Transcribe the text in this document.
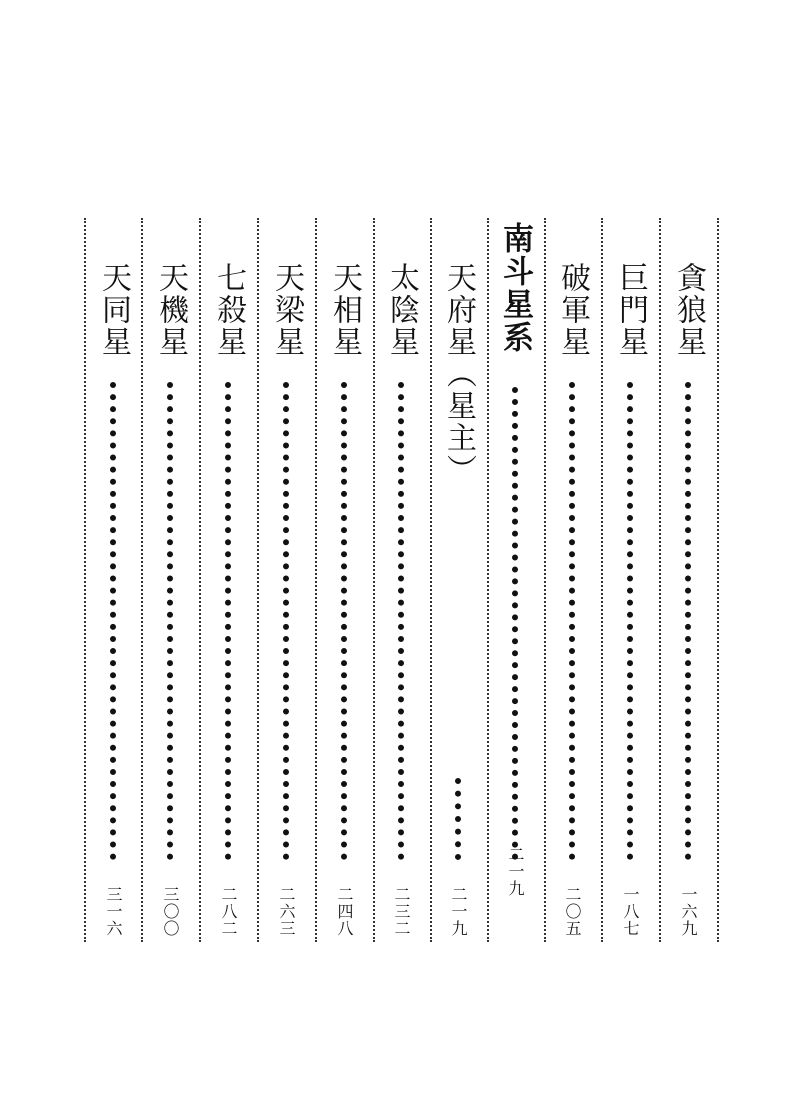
貪狼星
一六九
巨門星
一八七
破軍星
二〇五
南斗星系
二一九
天府星（星主）
二一九
太陰星
二三二
天相星
二四八
天梁星
二六三
七殺星
二八二
天機星
三〇〇
天同星
三一六
